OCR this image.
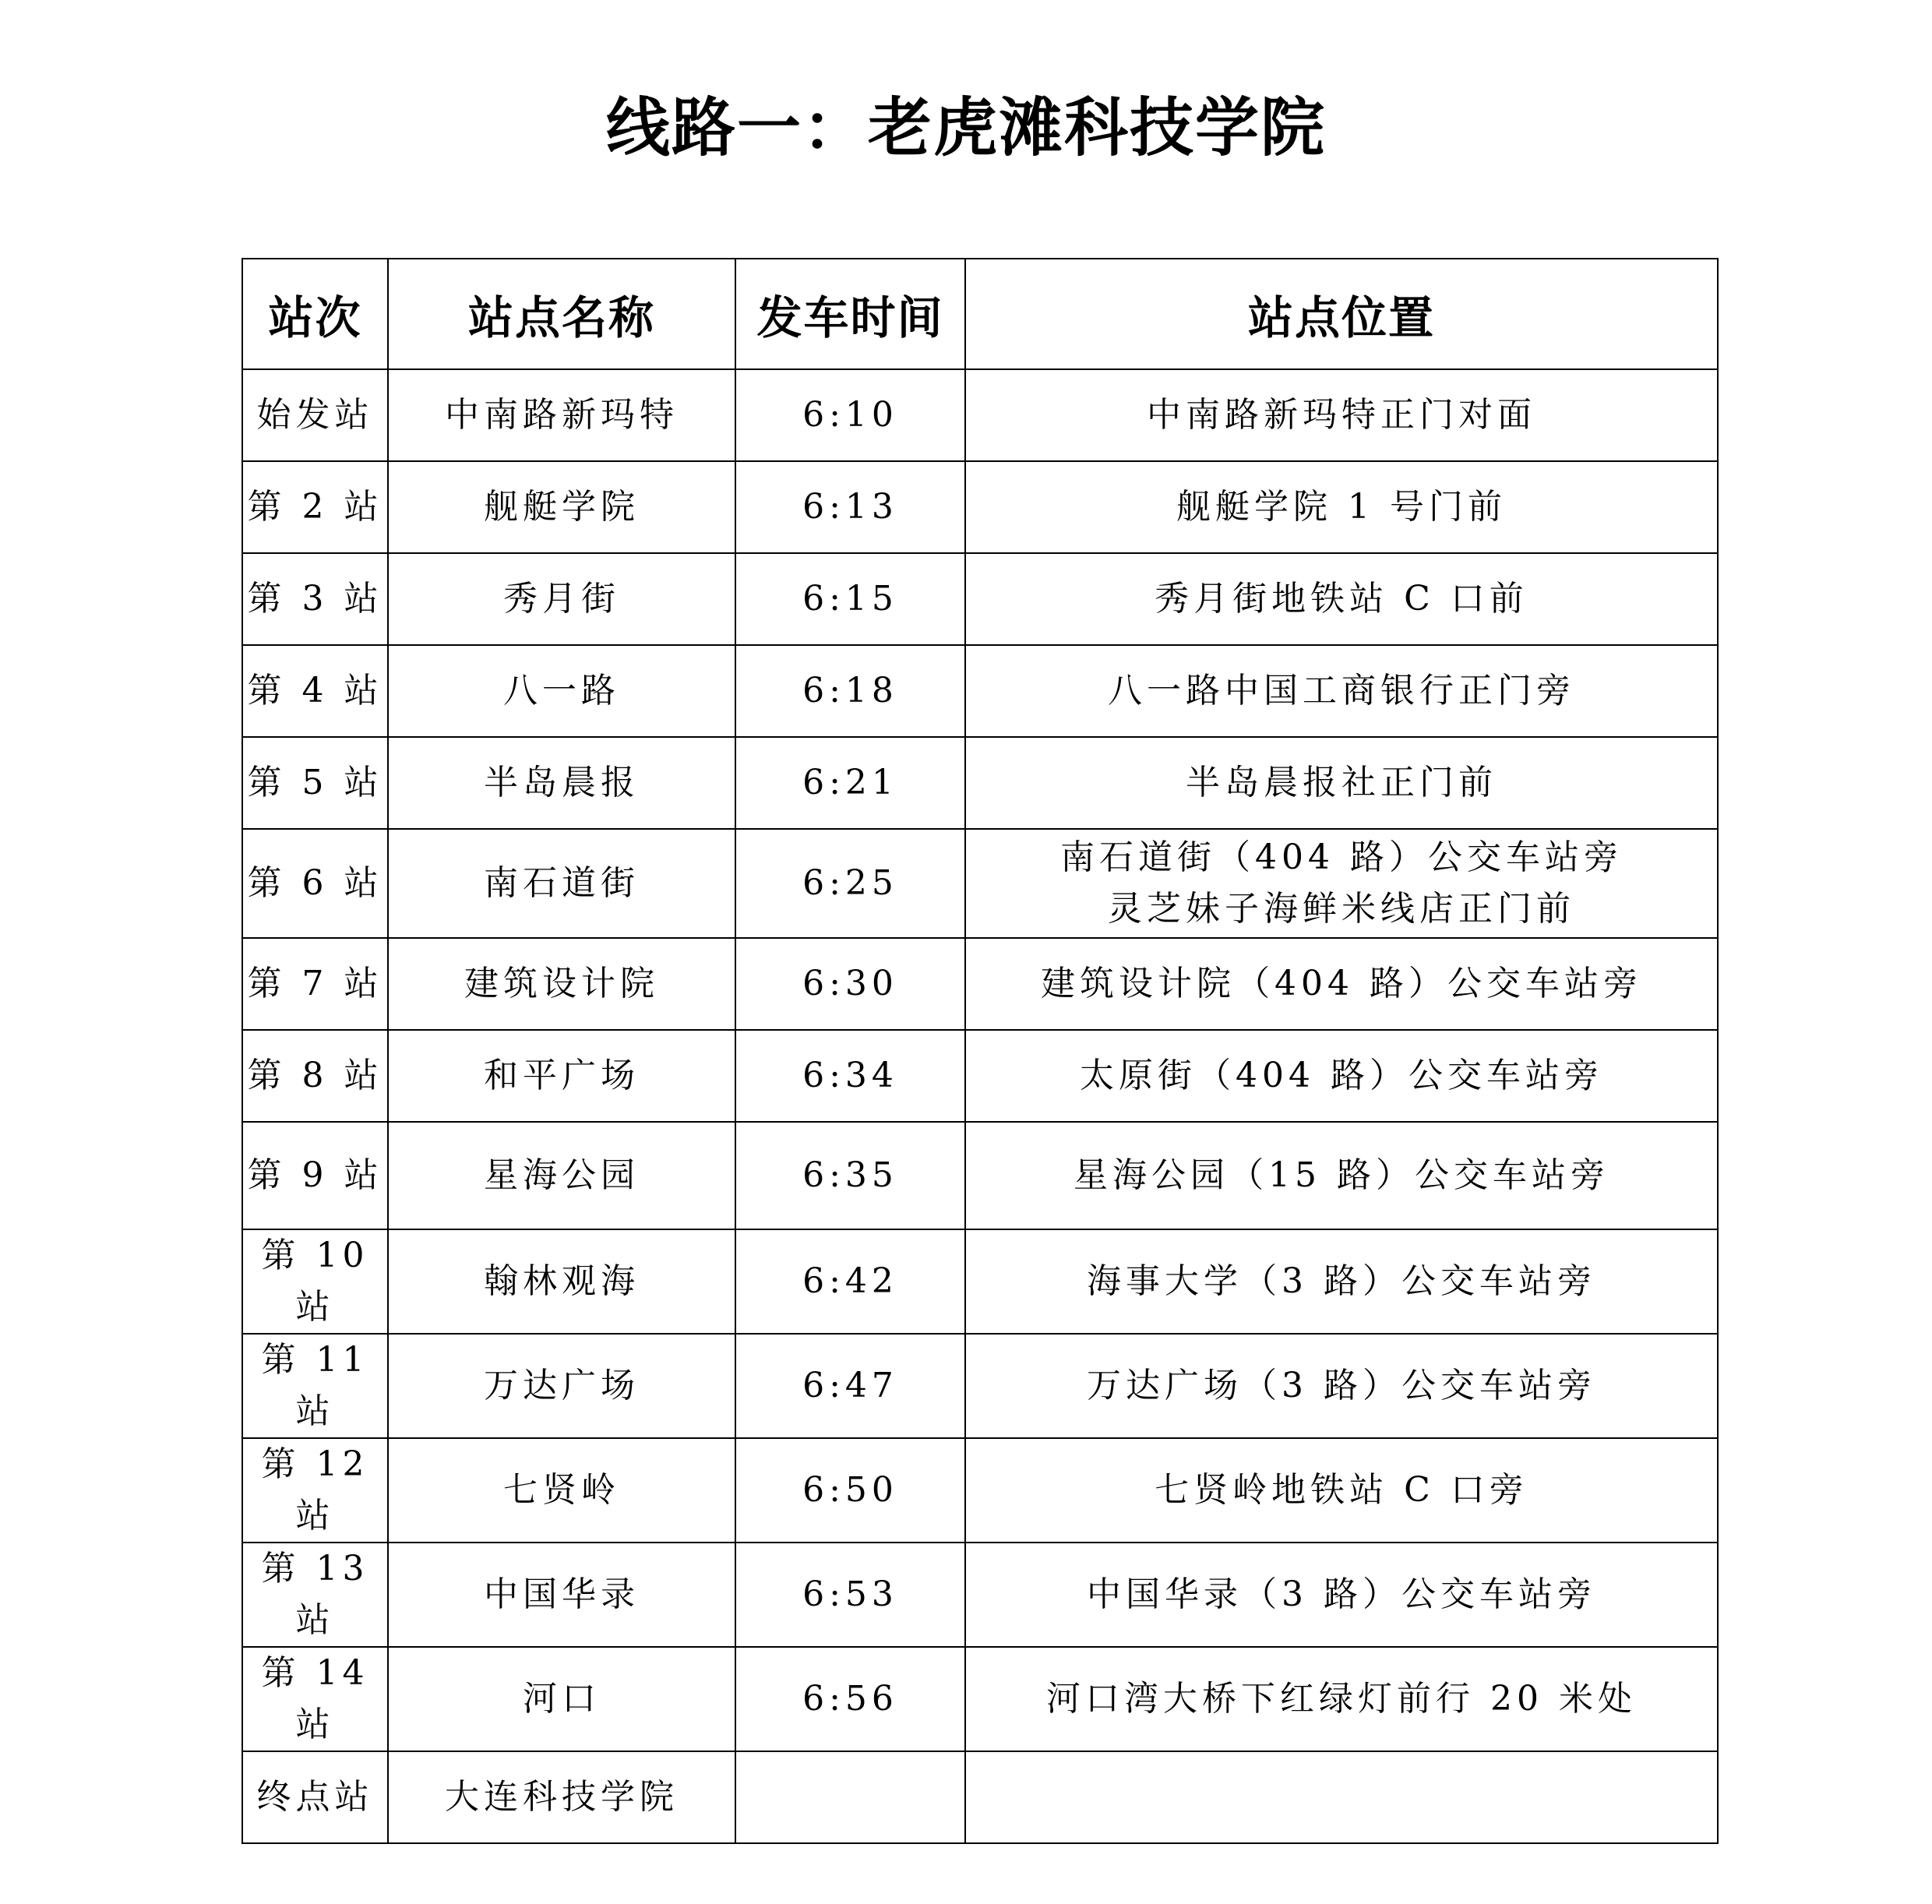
线路一：老虎滩科技学院
站次	站点名称	发车时间	站点位置
始发站	中南路新玛特	6:10	中南路新玛特正门对面

第 2 站	舰艇学院	6:13	舰艇学院 1 号门前

第 3 站	秀月街	6:15	秀月街地铁站 C 口前

第 4 站	八一路	6:18	八一路中国工商银行正门旁

第 5 站	半岛晨报	6:21	半岛晨报社正门前

第 6 站	南石道街	6:25	南石道街（404 路）公交车站旁
灵芝妹子海鲜米线店正门前

第 7 站	建筑设计院	6:30	建筑设计院（404 路）公交车站旁

第 8 站	和平广场	6:34	太原街（404 路）公交车站旁

第 9 站	星海公园	6:35	星海公园（15 路）公交车站旁

第 10 站	翰林观海	6:42	海事大学（3 路）公交车站旁

第 11 站	万达广场	6:47	万达广场（3 路）公交车站旁

第 12 站	七贤岭	6:50	七贤岭地铁站 C 口旁

第 13 站	中国华录	6:53	中国华录（3 路）公交车站旁

第 14 站	河口	6:56	河口湾大桥下红绿灯前行 20 米处

终点站	大连科技学院		
